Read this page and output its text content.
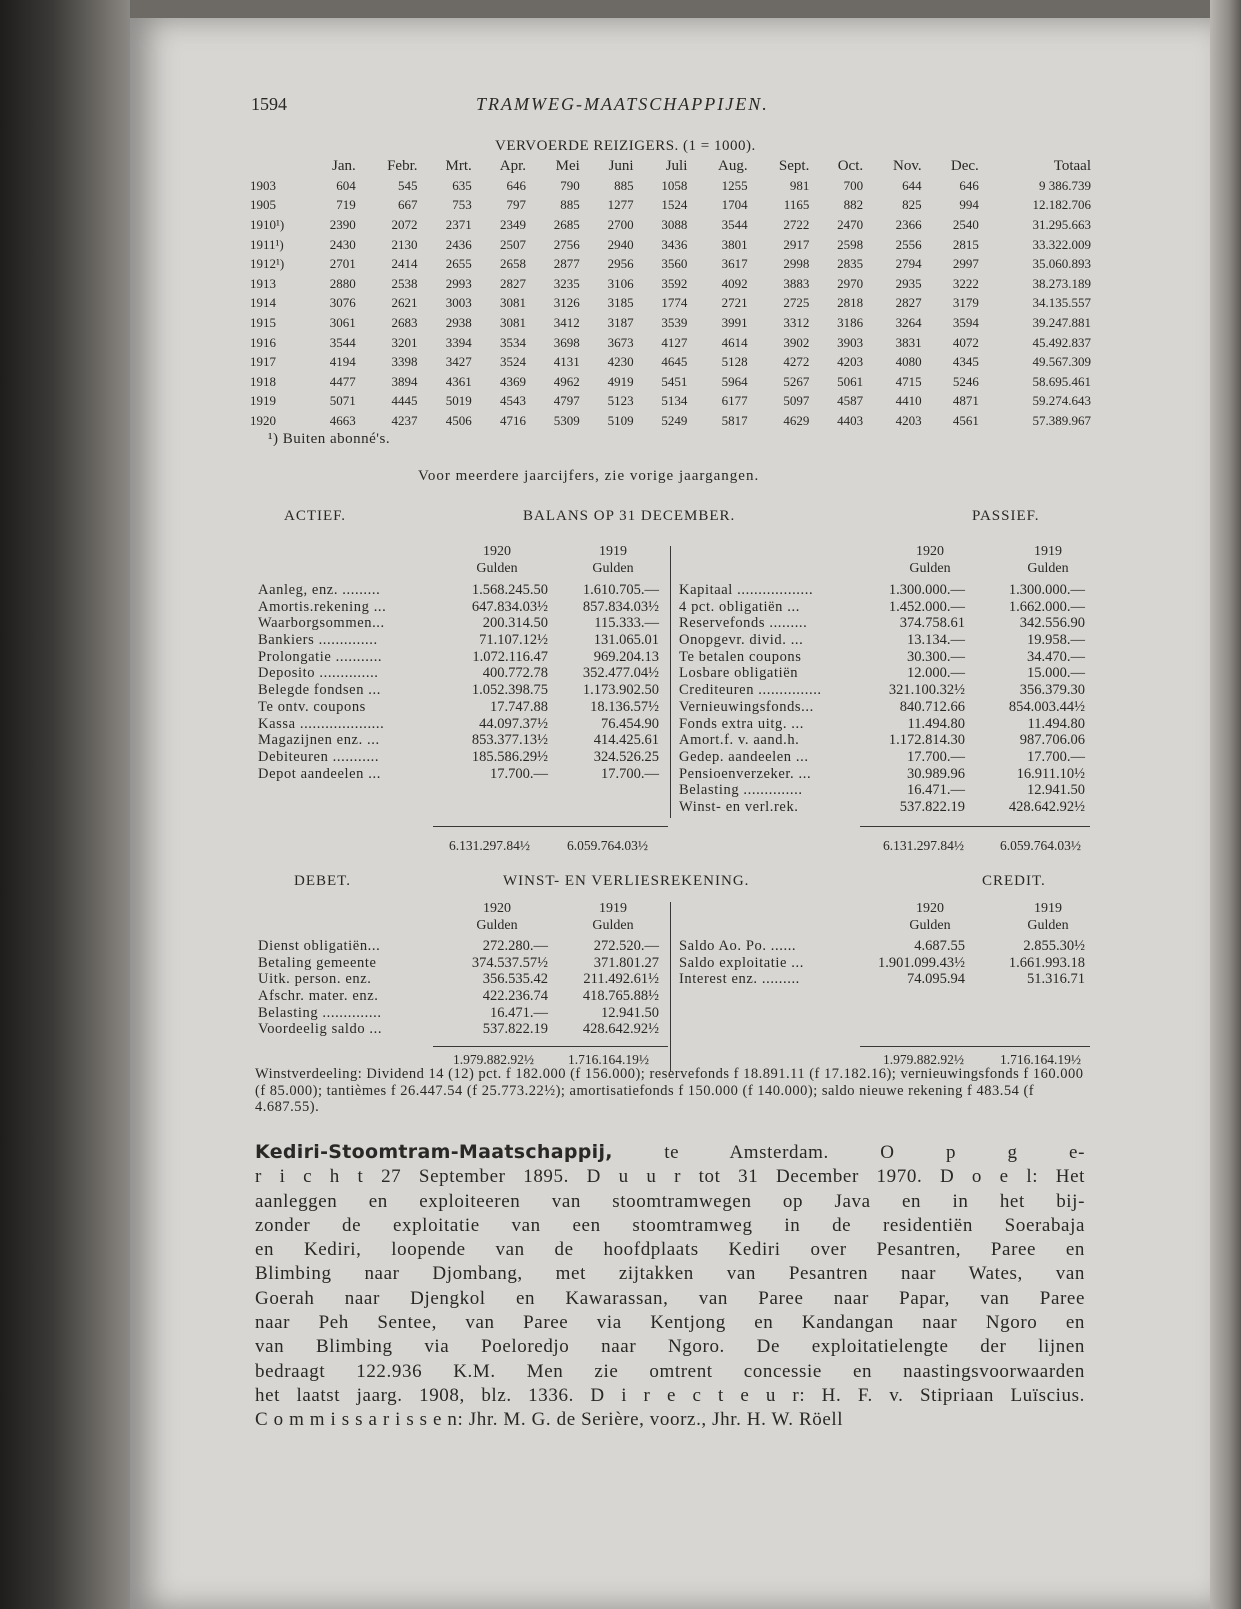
1594	TRAMWEG-MAATSCHAPPIJEN.
VERVOERDE REIZIGERS. (1 = 1000).
	Jan.	Febr.	Mrt.	Apr.	Mei	Juni	Juli	Aug.	Sept.	Oct.	Nov.	Dec.	Totaal
1903	604	545	635	646	790	885	1058	1255	981	700	644	646	9 386.739
1905	719	667	753	797	885	1277	1524	1704	1165	882	825	994	12.182.706
1910¹)	2390	2072	2371	2349	2685	2700	3088	3544	2722	2470	2366	2540	31.295.663
1911¹)	2430	2130	2436	2507	2756	2940	3436	3801	2917	2598	2556	2815	33.322.009
1912¹)	2701	2414	2655	2658	2877	2956	3560	3617	2998	2835	2794	2997	35.060.893
1913	2880	2538	2993	2827	3235	3106	3592	4092	3883	2970	2935	3222	38.273.189
1914	3076	2621	3003	3081	3126	3185	1774	2721	2725	2818	2827	3179	34.135.557
1915	3061	2683	2938	3081	3412	3187	3539	3991	3312	3186	3264	3594	39.247.881
1916	3544	3201	3394	3534	3698	3673	4127	4614	3902	3903	3831	4072	45.492.837
1917	4194	3398	3427	3524	4131	4230	4645	5128	4272	4203	4080	4345	49.567.309
1918	4477	3894	4361	4369	4962	4919	5451	5964	5267	5061	4715	5246	58.695.461
1919	5071	4445	5019	4543	4797	5123	5134	6177	5097	4587	4410	4871	59.274.643
1920	4663	4237	4506	4716	5309	5109	5249	5817	4629	4403	4203	4561	57.389.967
¹) Buiten abonné's.
Voor meerdere jaarcijfers, zie vorige jaargangen.
ACTIEF.	BALANS OP 31 DECEMBER.	PASSIEF.
1920
Gulden
1919
Gulden
1920
Gulden
1919
Gulden
Aanleg, enz. .........	1.568.245.50 1.610.705.—
Amortis.rekening ...	647.834.03½ 857.834.03½
Waarborgsommen...	200.314.50	115.333.—
Bankiers ..............	71.107.12½	131.065.01
Prolongatie ...........	1.072.116.47	969.204.13
Deposito ..............	400.772.78 352.477.04½
Belegde fondsen ...	1.052.398.75 1.173.902.50
Te ontv. coupons	17.747.88	18.136.57½
Kassa ....................	44.097.37½	76.454.90
Magazijnen enz. ...	853.377.13½	414.425.61
Debiteuren ...........	185.586.29½	324.526.25
Depot aandeelen ...	17.700.—	17.700.—
Kapitaal ..................	1.300.000.—	1.300.000.—
4 pct. obligatiën ...	1.452.000.—	1.662.000.—
Reservefonds .........	374.758.61	342.556.90
Onopgevr. divid. ...	13.134.—	19.958.—
Te betalen coupons	30.300.—	34.470.—
Losbare obligatiën	12.000.—	15.000.—
Crediteuren ...............	321.100.32½	356.379.30
Vernieuwingsfonds...	840.712.66	854.003.44½
Fonds extra uitg. ...	11.494.80	11.494.80
Amort.f. v. aand.h.	1.172.814.30	987.706.06
Gedep. aandeelen ...	17.700.—	17.700.—
Pensioenverzeker. ...	30.989.96	16.911.10½
Belasting ..............	16.471.—	12.941.50
Winst- en verl.rek.	537.822.19	428.642.92½
6.131.297.84½	6.059.764.03½	6.131.297.84½	6.059.764.03½
DEBET.	WINST- EN VERLIESREKENING.	CREDIT.
1920
Gulden
1919
Gulden
1920
Gulden
1919
Gulden
Dienst obligatiën...	272.280.—	272.520.—
Betaling gemeente	374.537.57½	371.801.27
Uitk. person. enz.	356.535.42 211.492.61½
Afschr. mater. enz.	422.236.74 418.765.88½
Belasting ..............	16.471.—	12.941.50
Voordeelig saldo ...	537.822.19 428.642.92½
Saldo Ao. Po. ......	4.687.55	2.855.30½
Saldo exploitatie ...	1.901.099.43½	1.661.993.18
Interest enz. .........	74.095.94	51.316.71
1.979.882.92½	1.716.164.19½	1.979.882.92½	1.716.164.19½
Winstverdeeling: Dividend 14 (12) pct. f 182.000 (f 156.000); reservefonds f 18.891.11 (f 17.182.16); vernieuwingsfonds f 160.000 (f 85.000); tantièmes f 26.447.54 (f 25.773.22½); amortisatiefonds f 150.000 (f 140.000); saldo nieuwe rekening f 483.54 (f 4.687.55).
Kediri-Stoomtram-Maatschappij, te Amsterdam. O p g e-
r i c h t 27 September 1895. D u u r tot 31 December 1970. D o e l: Het
aanleggen en exploiteeren van stoomtramwegen op Java en in het bij-
zonder de exploitatie van een stoomtramweg in de residentiën Soerabaja
en Kediri, loopende van de hoofdplaats Kediri over Pesantren, Paree en
Blimbing naar Djombang, met zijtakken van Pesantren naar Wates, van
Goerah naar Djengkol en Kawarassan, van Paree naar Papar, van Paree
naar Peh Sentee, van Paree via Kentjong en Kandangan naar Ngoro en
van Blimbing via Poeloredjo naar Ngoro. De exploitatielengte der lijnen
bedraagt 122.936 K.M. Men zie omtrent concessie en naastingsvoorwaarden
het laatst jaarg. 1908, blz. 1336. D i r e c t e u r: H. F. v. Stipriaan Luïscius.
C o m m i s s a r i s s e n: Jhr. M. G. de Serière, voorz., Jhr. H. W. Röell
